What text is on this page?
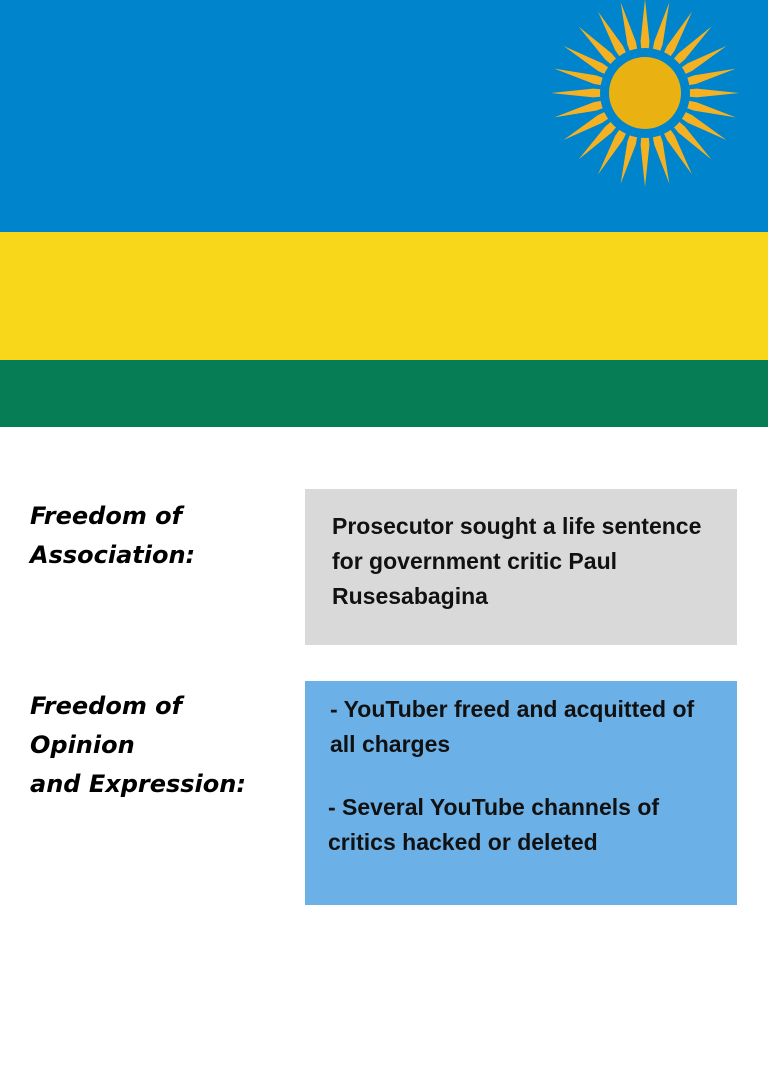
Freedom of
Association:

Prosecutor sought a life sentence for government critic Paul Rusesabagina

Freedom of
Opinion
and Expression:

- YouTuber freed and acquitted of all charges

- Several YouTube channels of critics hacked or deleted
